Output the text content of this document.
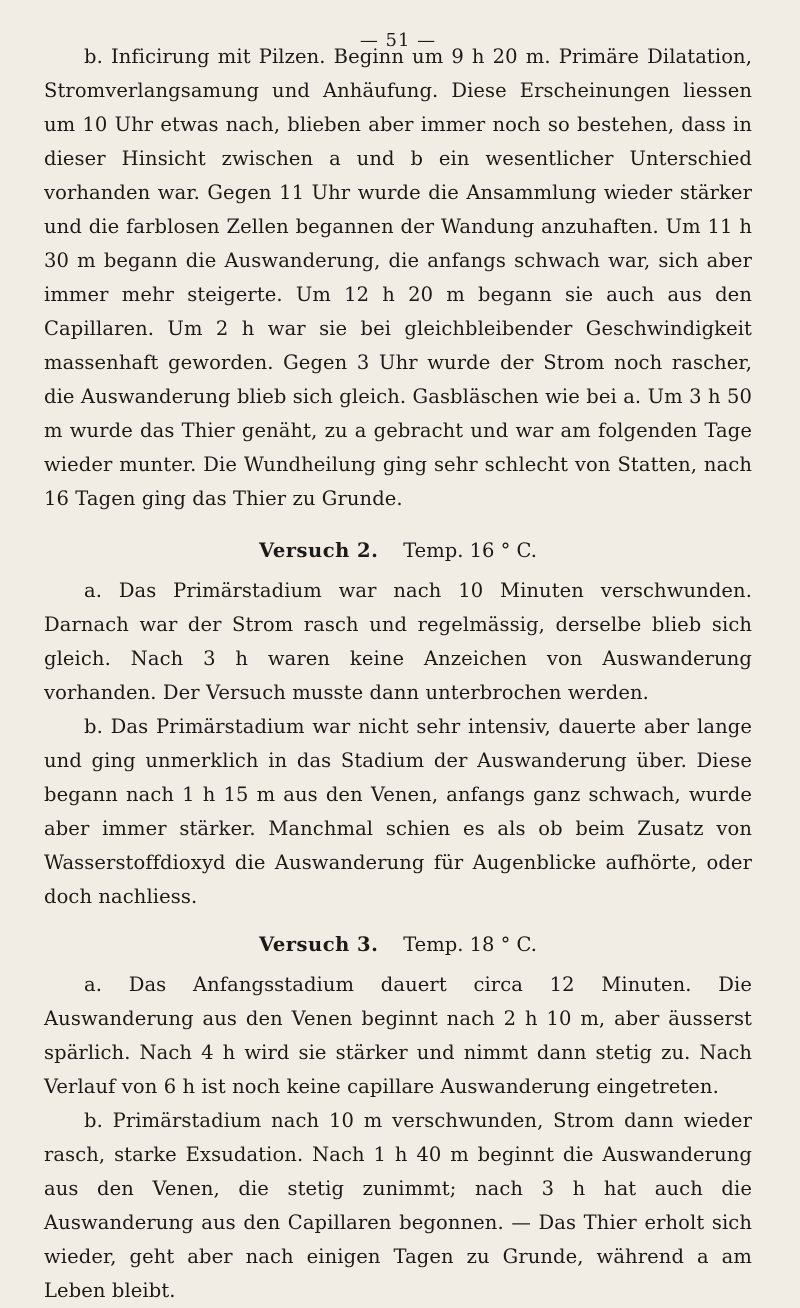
— 51 —

b. Inficirung mit Pilzen. Beginn um 9 h 20 m. Primäre Dilatation, Stromverlangsamung und Anhäufung. Diese Erscheinungen liessen um 10 Uhr etwas nach, blieben aber immer noch so bestehen, dass in dieser Hinsicht zwischen a und b ein wesentlicher Unterschied vorhanden war. Gegen 11 Uhr wurde die Ansammlung wieder stärker und die farblosen Zellen begannen der Wandung anzuhaften. Um 11 h 30 m begann die Auswanderung, die anfangs schwach war, sich aber immer mehr steigerte. Um 12 h 20 m begann sie auch aus den Capillaren. Um 2 h war sie bei gleichbleibender Geschwindigkeit massenhaft geworden. Gegen 3 Uhr wurde der Strom noch rascher, die Auswanderung blieb sich gleich. Gasbläschen wie bei a. Um 3 h 50 m wurde das Thier genäht, zu a gebracht und war am folgenden Tage wieder munter. Die Wundheilung ging sehr schlecht von Statten, nach 16 Tagen ging das Thier zu Grunde.

Versuch 2. Temp. 16 ° C.

a. Das Primärstadium war nach 10 Minuten verschwunden. Darnach war der Strom rasch und regelmässig, derselbe blieb sich gleich. Nach 3 h waren keine Anzeichen von Auswanderung vorhanden. Der Versuch musste dann unterbrochen werden.

b. Das Primärstadium war nicht sehr intensiv, dauerte aber lange und ging unmerklich in das Stadium der Auswanderung über. Diese begann nach 1 h 15 m aus den Venen, anfangs ganz schwach, wurde aber immer stärker. Manchmal schien es als ob beim Zusatz von Wasserstoffdioxyd die Auswanderung für Augenblicke aufhörte, oder doch nachliess.

Versuch 3. Temp. 18 ° C.

a. Das Anfangsstadium dauert circa 12 Minuten. Die Auswanderung aus den Venen beginnt nach 2 h 10 m, aber äusserst spärlich. Nach 4 h wird sie stärker und nimmt dann stetig zu. Nach Verlauf von 6 h ist noch keine capillare Auswanderung eingetreten.

b. Primärstadium nach 10 m verschwunden, Strom dann wieder rasch, starke Exsudation. Nach 1 h 40 m beginnt die Auswanderung aus den Venen, die stetig zunimmt; nach 3 h hat auch die Auswanderung aus den Capillaren begonnen. — Das Thier erholt sich wieder, geht aber nach einigen Tagen zu Grunde, während a am Leben bleibt.
